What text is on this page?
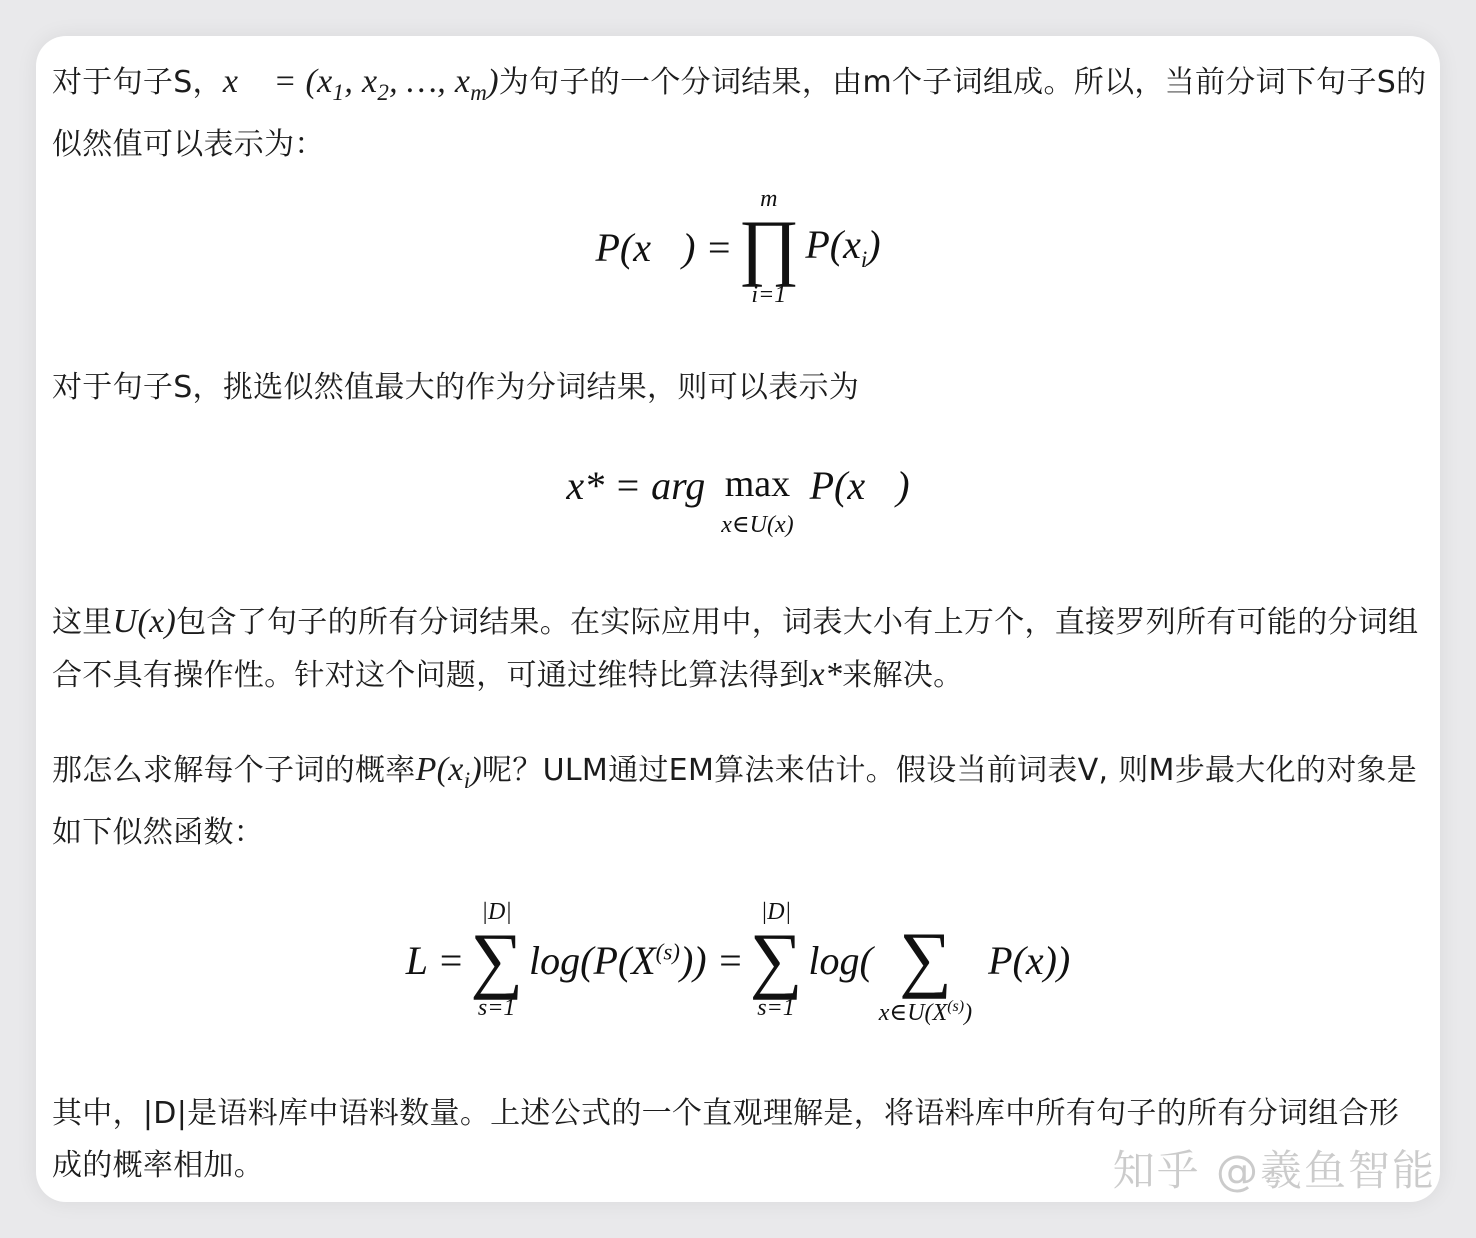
对于句子S，x⃗ = ($x_1$, $x_2$, …, $x_m$)为句子的一个分词结果，由m个子词组成。所以，当前分词下句子S的似然值可以表示为：

P(x⃗) =
m
∏
i=1
$P(x_i)$

对于句子S，挑选似然值最大的作为分词结果，则可以表示为

x* = arg max
x∈U(x)
P(x⃗)

这里U(x)包含了句子的所有分词结果。在实际应用中，词表大小有上万个，直接罗列所有可能的分词组合不具有操作性。针对这个问题，可通过维特比算法得到x*来解决。

那怎么求解每个子词的概率$P(x_i)$呢？ULM通过EM算法来估计。假设当前词表V, 则M步最大化的对象是如下似然函数：

L =
|D|
∑
s=1
$\log(P(X^{(s)}))$ =
|D|
∑
s=1
log( ∑
$x\in U(X^{(s)})$
P(x))

其中，|D|是语料库中语料数量。上述公式的一个直观理解是，将语料库中所有句子的所有分词组合形成的概率相加。	知乎 @羲鱼智能
